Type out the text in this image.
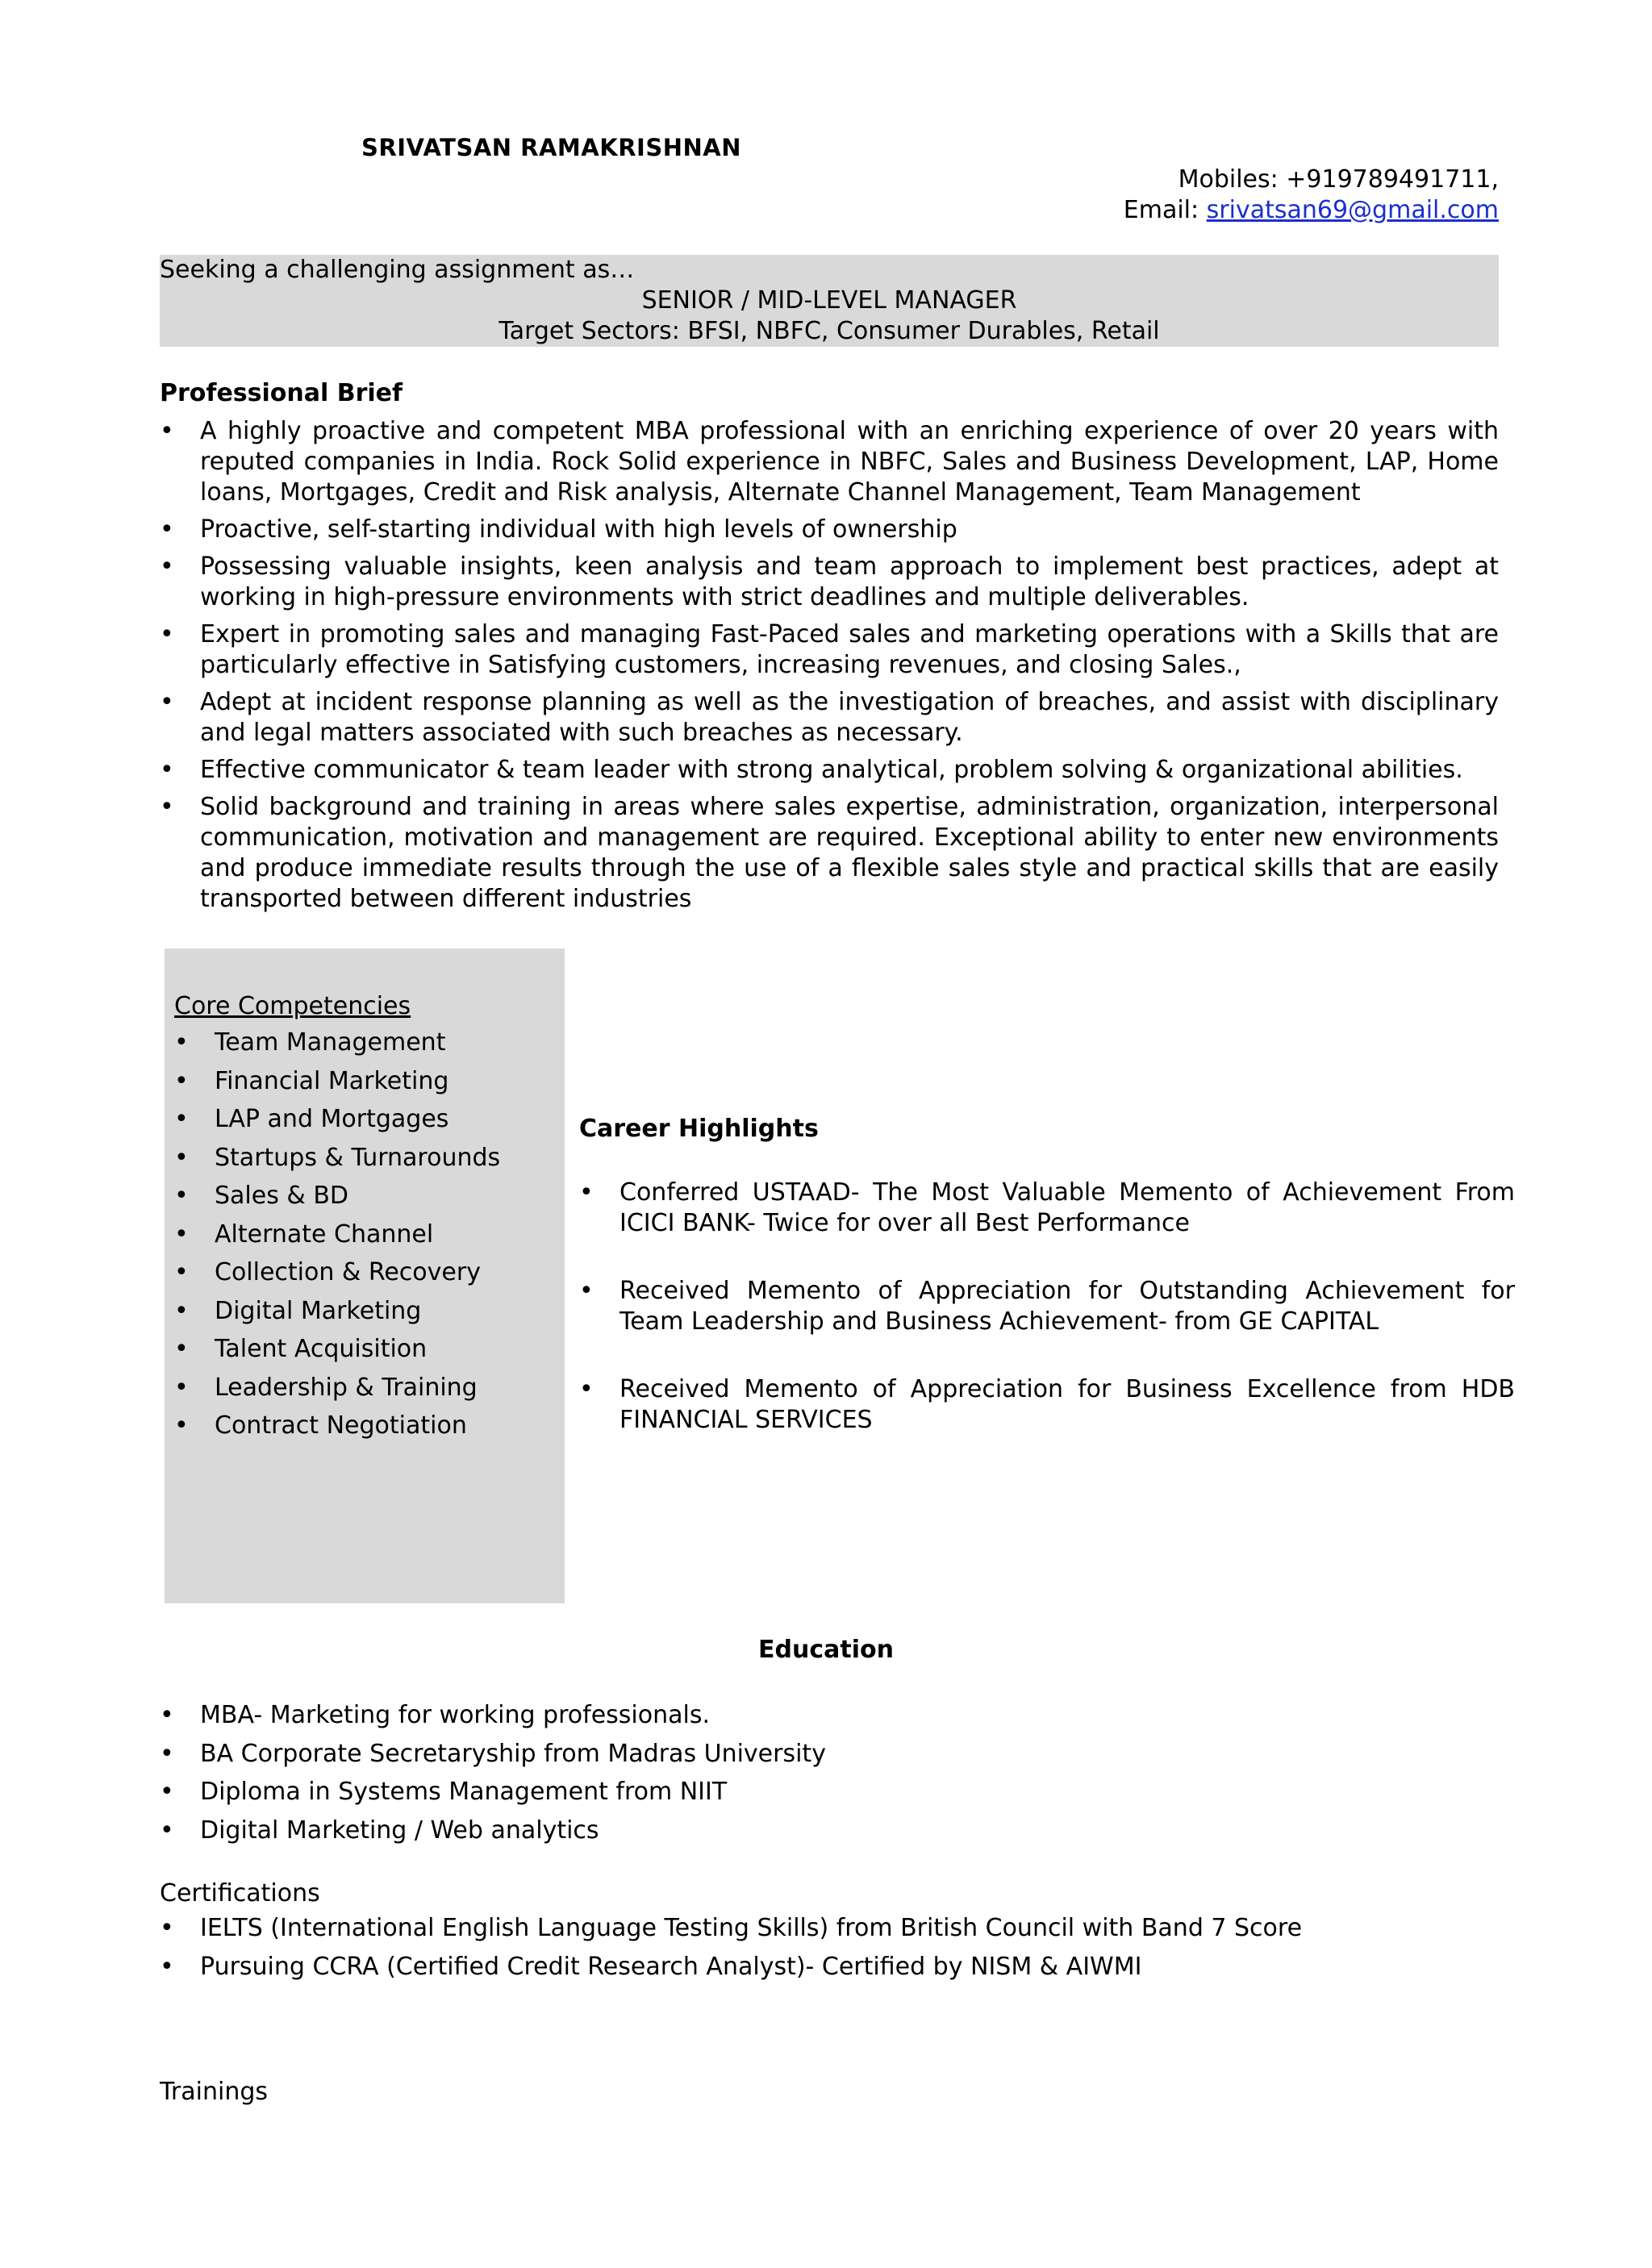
SRIVATSAN RAMAKRISHNAN
Mobiles: +919789491711,
Email: srivatsan69@gmail.com
Seeking a challenging assignment as…
SENIOR / MID-LEVEL MANAGER
Target Sectors: BFSI, NBFC, Consumer Durables, Retail
Professional Brief
• A highly proactive and competent MBA professional with an enriching experience of over 20 years with reputed companies in India. Rock Solid experience in NBFC, Sales and Business Development, LAP, Home loans, Mortgages, Credit and Risk analysis, Alternate Channel Management, Team Management
• Proactive, self-starting individual with high levels of ownership
• Possessing valuable insights, keen analysis and team approach to implement best practices, adept at working in high-pressure environments with strict deadlines and multiple deliverables.
• Expert in promoting sales and managing Fast-Paced sales and marketing operations with a Skills that are particularly effective in Satisfying customers, increasing revenues, and closing Sales.,
• Adept at incident response planning as well as the investigation of breaches, and assist with disciplinary and legal matters associated with such breaches as necessary.
• Effective communicator & team leader with strong analytical, problem solving & organizational abilities.
• Solid background and training in areas where sales expertise, administration, organization, interpersonal communication, motivation and management are required. Exceptional ability to enter new environments and produce immediate results through the use of a flexible sales style and practical skills that are easily transported between different industries
Core Competencies
• Team Management
• Financial Marketing
• LAP and Mortgages
• Startups & Turnarounds
• Sales & BD
• Alternate Channel
• Collection & Recovery
• Digital Marketing
• Talent Acquisition
• Leadership & Training
• Contract Negotiation
Career Highlights
• Conferred USTAAD- The Most Valuable Memento of Achievement From ICICI BANK- Twice for over all Best Performance
• Received Memento of Appreciation for Outstanding Achievement for Team Leadership and Business Achievement- from GE CAPITAL
• Received Memento of Appreciation for Business Excellence from HDB FINANCIAL SERVICES
Education
• MBA- Marketing for working professionals.
• BA Corporate Secretaryship from Madras University
• Diploma in Systems Management from NIIT
• Digital Marketing / Web analytics
Certifications
• IELTS (International English Language Testing Skills) from British Council with Band 7 Score
• Pursuing CCRA (Certified Credit Research Analyst)- Certified by NISM & AIWMI
Trainings
